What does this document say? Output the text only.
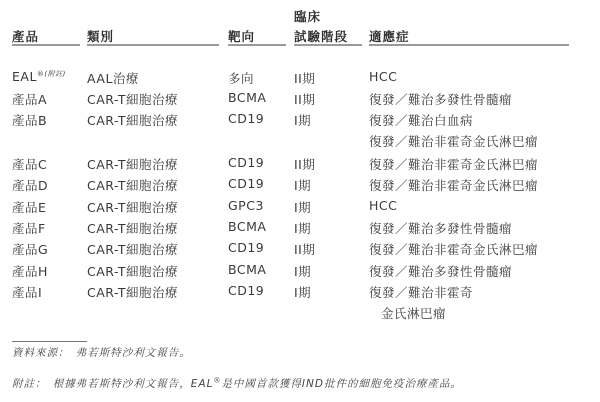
臨床
產品	類別	靶向	試驗階段 適應症
$EAL^{®(附註)}$ AAL治療	多向	II期	HCC
產品A	CAR-T細胞治療	BCMA II期	復發／難治多發性骨髓瘤
產品B	CAR-T細胞治療	CD19 I期	復發／難治白血病
復發／難治非霍奇金氏淋巴瘤
產品C	CAR-T細胞治療	CD19 II期	復發／難治非霍奇金氏淋巴瘤
產品D	CAR-T細胞治療	CD19 I期	復發／難治非霍奇金氏淋巴瘤
產品E	CAR-T細胞治療	GPC3 I期	HCC
產品F	CAR-T細胞治療	BCMA I期	復發／難治多發性骨髓瘤
產品G	CAR-T細胞治療	CD19 II期	復發／難治非霍奇金氏淋巴瘤
產品H	CAR-T細胞治療	BCMA I期	復發／難治多發性骨髓瘤
產品I	CAR-T細胞治療	CD19 I期	復發／難治非霍奇
金氏淋巴瘤
資料來源：　弗若斯特沙利文報告。
附註：　根據弗若斯特沙利文報告，EAL®是中國首款獲得IND批件的細胞免疫治療產品。
